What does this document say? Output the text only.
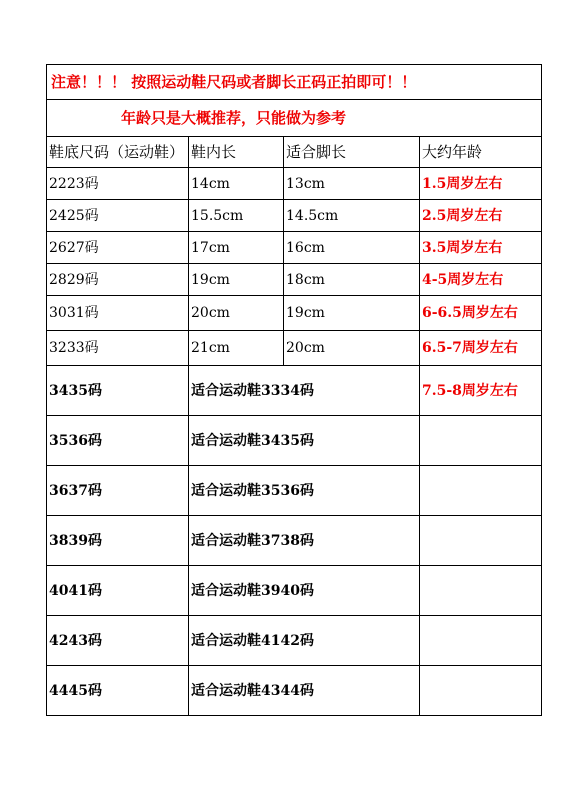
注意！！！ 按照运动鞋尺码或者脚长正码正拍即可！！			
年龄只是大概推荐，只能做为参考			
鞋底尺码（运动鞋）	鞋内长	适合脚长	大约年龄
2223码	14cm	13cm	1.5周岁左右
2425码	15.5cm	14.5cm	2.5周岁左右
2627码	17cm	16cm	3.5周岁左右
2829码	19cm	18cm	4-5周岁左右
3031码	20cm	19cm	6-6.5周岁左右
3233码	21cm	20cm	6.5-7周岁左右
3435码	适合运动鞋3334码		7.5-8周岁左右
3536码	适合运动鞋3435码		
3637码	适合运动鞋3536码		
3839码	适合运动鞋3738码		
4041码	适合运动鞋3940码		
4243码	适合运动鞋4142码		
4445码	适合运动鞋4344码		
